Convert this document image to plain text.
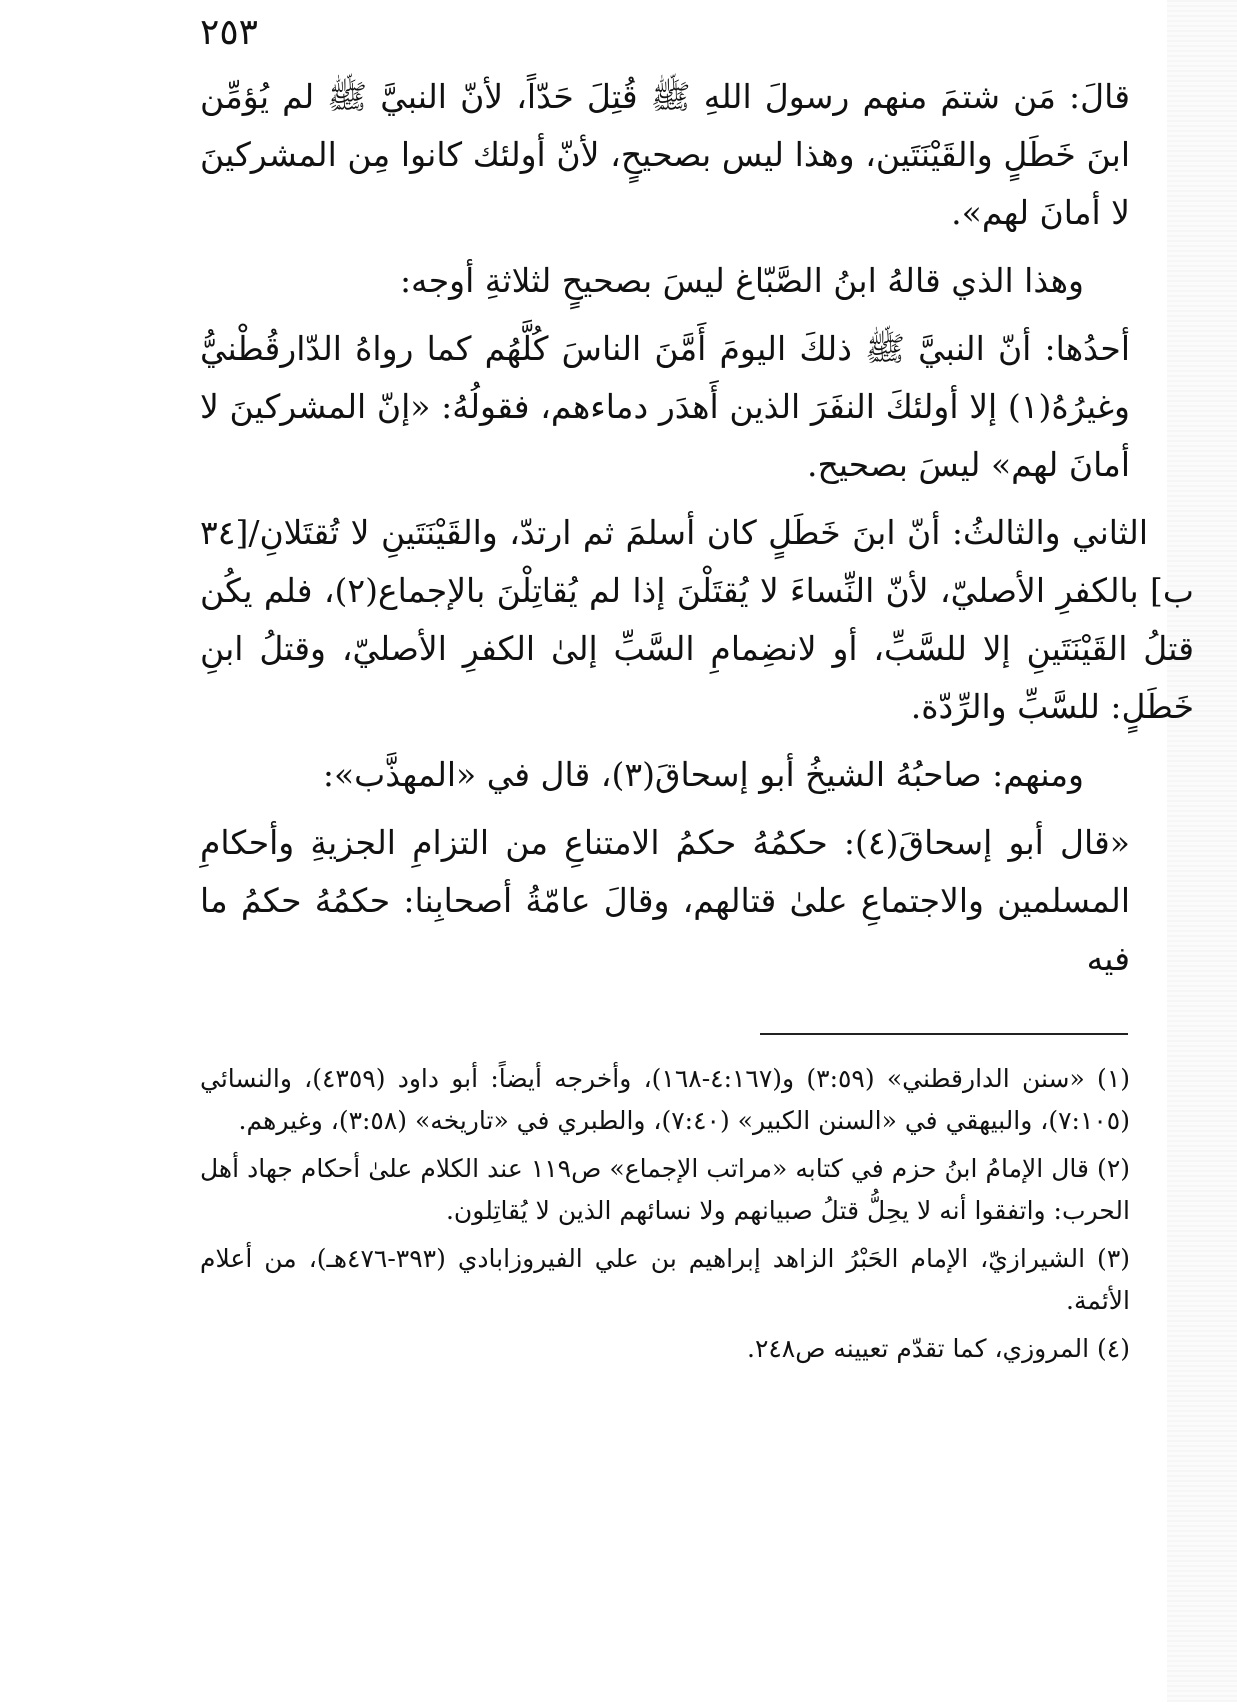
٢٥٣

قالَ: مَن شتمَ منهم رسولَ اللهِ ﷺ قُتِلَ حَدّاً، لأنّ النبيَّ ﷺ لم يُؤمِّن ابنَ خَطَلٍ والقَيْنَتَين، وهذا ليس بصحيحٍ، لأنّ أولئك كانوا مِن المشركينَ لا أمانَ لهم».

وهذا الذي قالهُ ابنُ الصَّبّاغ ليسَ بصحيحٍ لثلاثةِ أوجه:

أحدُها: أنّ النبيَّ ﷺ ذلكَ اليومَ أَمَّنَ الناسَ كُلَّهُم كما رواهُ الدّارقُطْنيُّ وغيرُهُ(١) إلا أولئكَ النفَرَ الذين أَهدَر دماءهم، فقولُهُ: «إنّ المشركينَ لا أمانَ لهم» ليسَ بصحيح.

الثاني والثالثُ: أنّ ابنَ خَطَلٍ كان أسلمَ ثم ارتدّ، والقَيْنَتَينِ لا تُقتَلانِ/[٣٤ ب] بالكفرِ الأصليّ، لأنّ النِّساءَ لا يُقتَلْنَ إذا لم يُقاتِلْنَ بالإجماع(٢)، فلم يكُن قتلُ القَيْنَتَينِ إلا للسَّبِّ، أو لانضِمامِ السَّبِّ إلىٰ الكفرِ الأصليّ، وقتلُ ابنِ خَطَلٍ: للسَّبِّ والرِّدّة.

ومنهم: صاحبُهُ الشيخُ أبو إسحاقَ(٣)، قال في «المهذَّب»:

«قال أبو إسحاقَ(٤): حكمُهُ حكمُ الامتناعِ من التزامِ الجزيةِ وأحكامِ المسلمين والاجتماعِ علىٰ قتالهم، وقالَ عامّةُ أصحابِنا: حكمُهُ حكمُ ما فيه

(١) «سنن الدارقطني» (٣:٥٩) و(٤:١٦٧-١٦٨)، وأخرجه أيضاً: أبو داود (٤٣٥٩)، والنسائي (٧:١٠٥)، والبيهقي في «السنن الكبير» (٧:٤٠)، والطبري في «تاريخه» (٣:٥٨)، وغيرهم.

(٢) قال الإمامُ ابنُ حزم في كتابه «مراتب الإجماع» ص١١٩ عند الكلام علىٰ أحكام جهاد أهل الحرب: واتفقوا أنه لا يحِلُّ قتلُ صبيانهم ولا نسائهم الذين لا يُقاتِلون.

(٣) الشيرازيّ، الإمام الحَبْرُ الزاهد إبراهيم بن علي الفيروزابادي (٣٩٣-٤٧٦هـ)، من أعلام الأئمة.

(٤) المروزي، كما تقدّم تعيينه ص٢٤٨.
